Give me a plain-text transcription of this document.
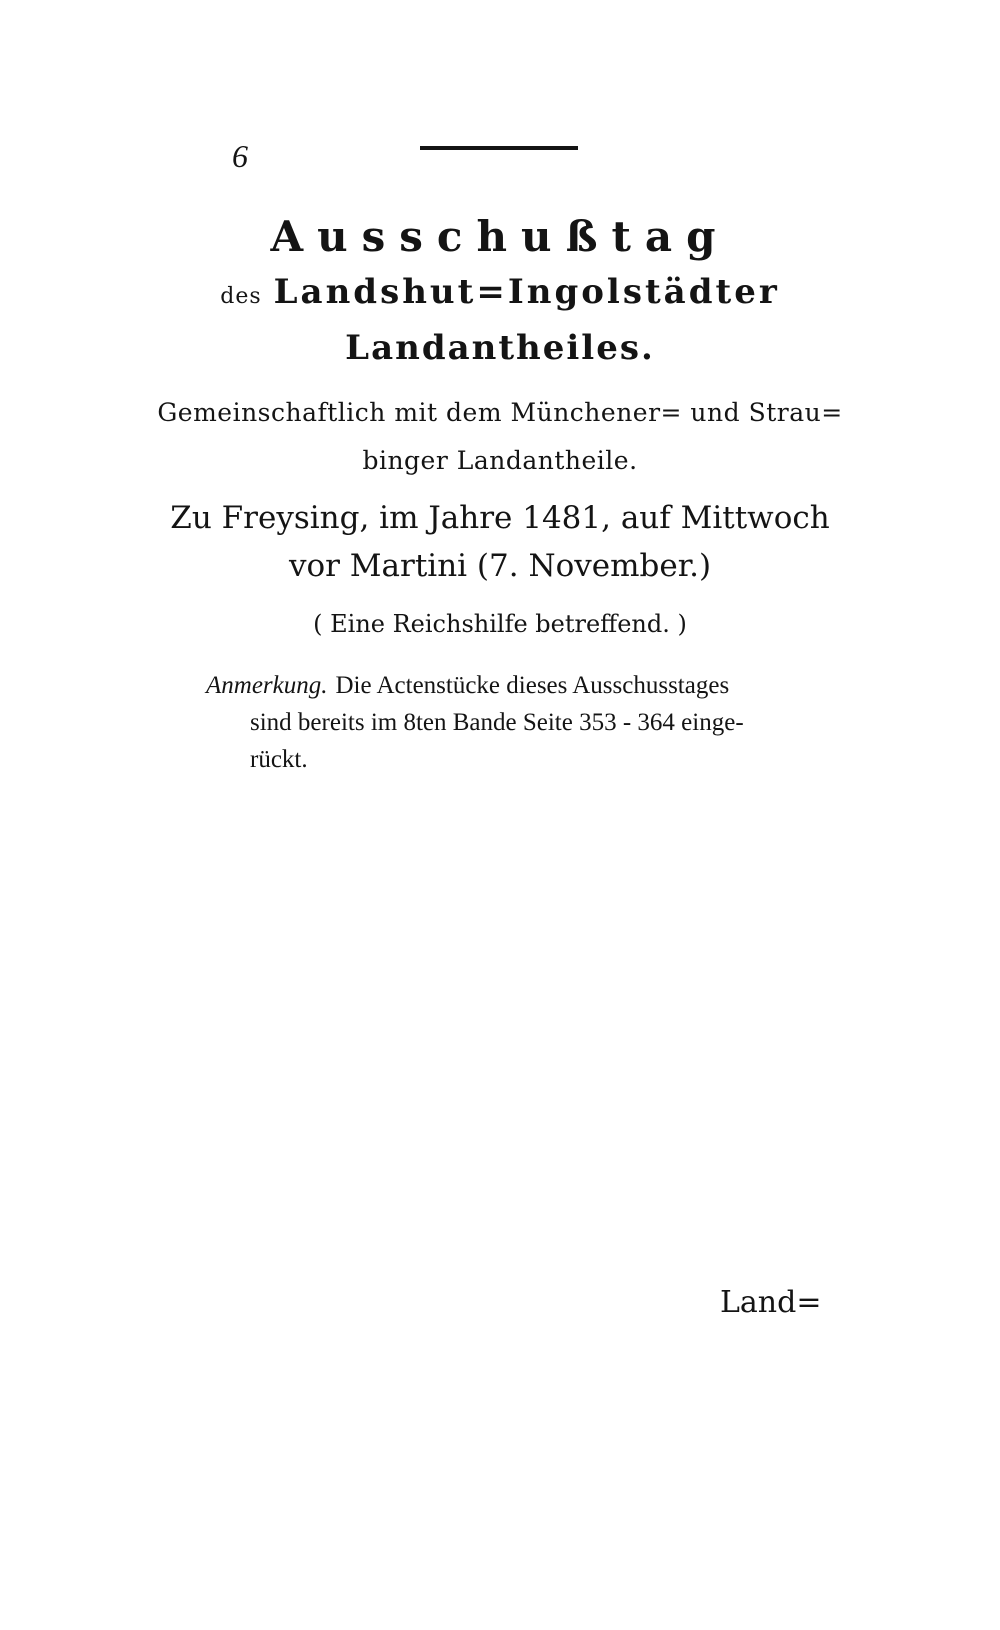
6
Ausschußtag
des Landshut=Ingolstädter
Landantheiles.
Gemeinschaftlich mit dem Münchener= und Strau=
binger Landantheile.
Zu Freysing, im Jahre 1481, auf Mittwoch
vor Martini (7. November.)
( Eine Reichshilfe betreffend. )
Anmerkung. Die Actenstücke dieses Ausschusstages
sind bereits im 8ten Bande Seite 353 - 364 einge-
rückt.
Land=
